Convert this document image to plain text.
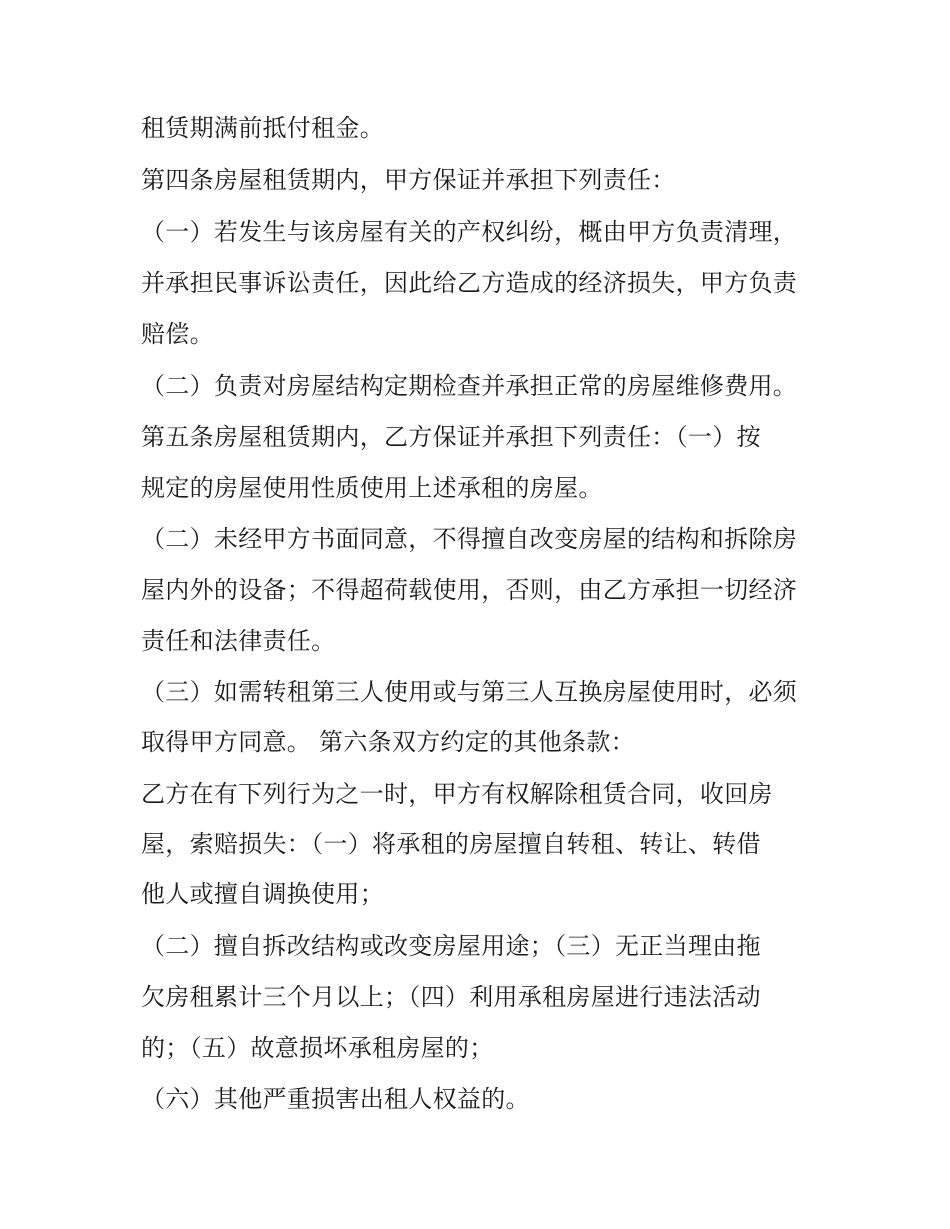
租赁期满前抵付租金。
第四条房屋租赁期内，甲方保证并承担下列责任：
（一）若发生与该房屋有关的产权纠纷，概由甲方负责清理，
并承担民事诉讼责任，因此给乙方造成的经济损失，甲方负责
赔偿。
（二）负责对房屋结构定期检查并承担正常的房屋维修费用。
第五条房屋租赁期内，乙方保证并承担下列责任：（一）按
规定的房屋使用性质使用上述承租的房屋。
（二）未经甲方书面同意，不得擅自改变房屋的结构和拆除房
屋内外的设备；不得超荷载使用，否则，由乙方承担一切经济
责任和法律责任。
（三）如需转租第三人使用或与第三人互换房屋使用时，必须
取得甲方同意。 第六条双方约定的其他条款：
乙方在有下列行为之一时，甲方有权解除租赁合同，收回房
屋，索赔损失：（一）将承租的房屋擅自转租、转让、转借
他人或擅自调换使用；
（二）擅自拆改结构或改变房屋用途；（三）无正当理由拖
欠房租累计三个月以上；（四）利用承租房屋进行违法活动
的；（五）故意损坏承租房屋的；
（六）其他严重损害出租人权益的。
